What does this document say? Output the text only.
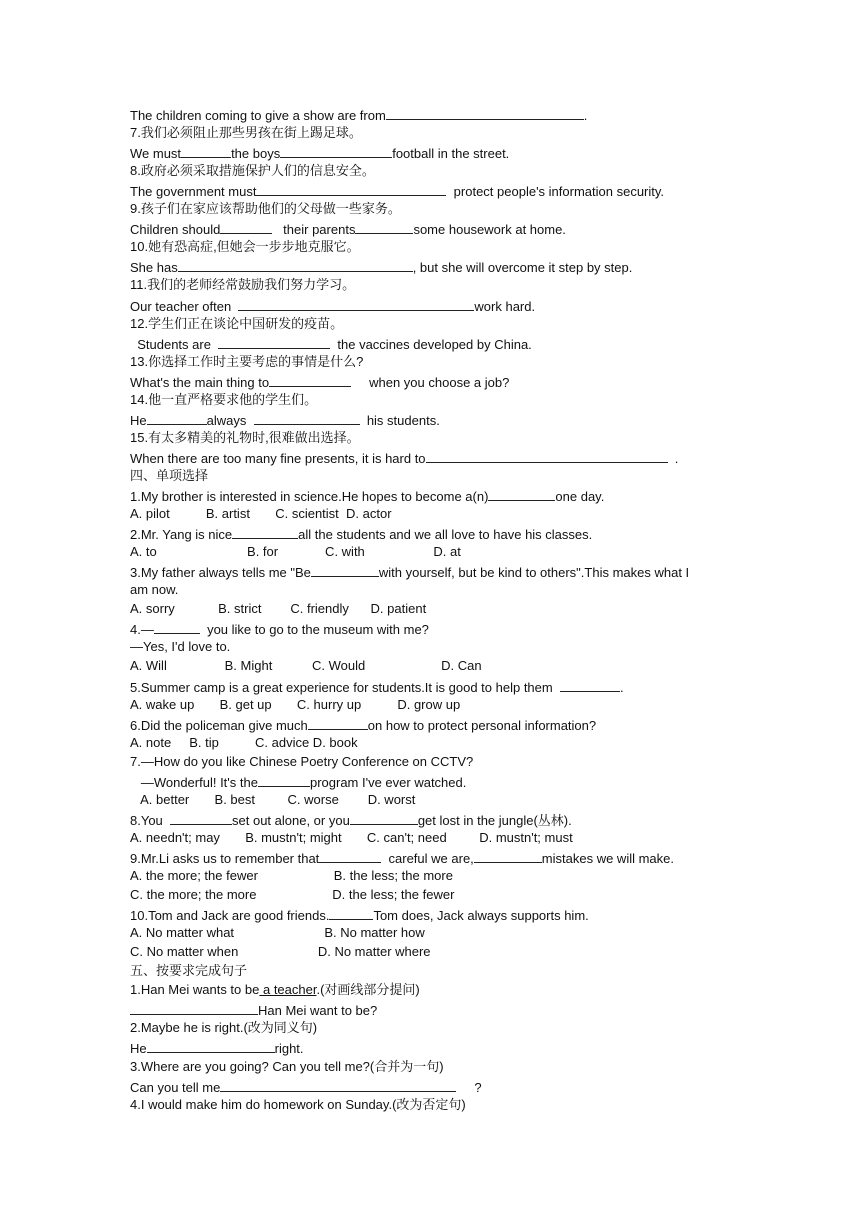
The children coming to give a show are from	.
7.我们必须阻止那些男孩在街上踢足球。
We must	the boys	football in the street.
8.政府必须采取措施保护人们的信息安全。
The government must	protect people's information security.
9.孩子们在家应该帮助他们的父母做一些家务。
Children should	their parents	some housework at home.
10.她有恐高症,但她会一步步地克服它。
She has	, but she will overcome it step by step.
11.我们的老师经常鼓励我们努力学习。
Our teacher often	work hard.
12.学生们正在谈论中国研发的疫苗。
Students are	the vaccines developed by China.
13.你选择工作时主要考虑的事情是什么?
What's the main thing to	when you choose a job?
14.他一直严格要求他的学生们。
He	always	his students.
15.有太多精美的礼物时,很难做出选择。
When there are too many fine presents, it is hard to	.
四、单项选择
1.My brother is interested in science.He hopes to become a(n)	one day.
A. pilot          B. artist       C. scientist  D. actor
2.Mr. Yang is nice	all the students and we all love to have his classes.
A. to                         B. for             C. with                   D. at
3.My father always tells me "Be	with yourself, but be kind to others".This makes what I
am now.
A. sorry            B. strict        C. friendly      D. patient
4.—	you like to go to the museum with me?
—Yes, I'd love to.
A. Will                B. Might           C. Would                     D. Can
5.Summer camp is a great experience for students.It is good to help them	.
A. wake up       B. get up       C. hurry up          D. grow up
6.Did the policeman give much	on how to protect personal information?
A. note     B. tip          C. advice D. book
7.—How do you like Chinese Poetry Conference on CCTV?
—Wonderful! It's the	program I've ever watched.
A. better       B. best         C. worse        D. worst
8.You	set out alone, or you	get lost in the jungle(丛林).
A. needn't; may       B. mustn't; might       C. can't; need         D. mustn't; must
9.Mr.Li asks us to remember that	careful we are,	mistakes we will make.
A. the more; the fewer                     B. the less; the more
C. the more; the more                     D. the less; the fewer
10.Tom and Jack are good friends.	Tom does, Jack always supports him.
A. No matter what                         B. No matter how
C. No matter when                      D. No matter where
五、按要求完成句子
1.Han Mei wants to be a teacher.(对画线部分提问)
Han Mei want to be?
2.Maybe he is right.(改为同义句)
He	right.
3.Where are you going? Can you tell me?(合并为一句)
Can you tell me	?
4.I would make him do homework on Sunday.(改为否定句)
